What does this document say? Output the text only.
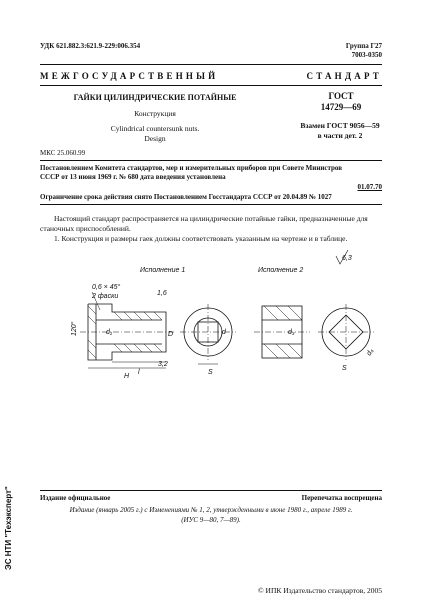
УДК 621.882.3:621.9-229:006.354	Группа Г27
7003-0350
МЕЖГОСУДАРСТВЕННЫЙ СТАНДАРТ
ГАЙКИ ЦИЛИНДРИЧЕСКИЕ ПОТАЙНЫЕ
Конструкция
Cylindrical countersunk nuts.
Design
ГОСТ
14729—69
Взамен ГОСТ 9056—59
в части дет. 2
МКС 25.060.99
Постановлением Комитета стандартов, мер и измерительных приборов при Совете Министров СССР от 13 июня 1969 г. № 680 дата введения установлена
01.07.70
Ограничение срока действия снято Постановлением Госстандарта СССР от 20.04.89 № 1027
Настоящий стандарт распространяется на цилиндрические потайные гайки, предназначенные для станочных приспособлений.
1. Конструкция и размеры гаек должны соответствовать указанным на чертеже и в таблице.
Исполнение 1	Исполнение 2
0,6 × 45°
2 фаски	1,6
6,3
120°	d₁	D
l
H
3,2
d
S
d₃
d₄
S
Издание официальное	Перепечатка воспрещена
Издание (январь 2005 г.) с Изменениями № 1, 2, утвержденными в июне 1980 г., апреле 1989 г.
(ИУС 9—80, 7—89).
© ИПК Издательство стандартов, 2005
ЭС НТИ "Техэксперт"
